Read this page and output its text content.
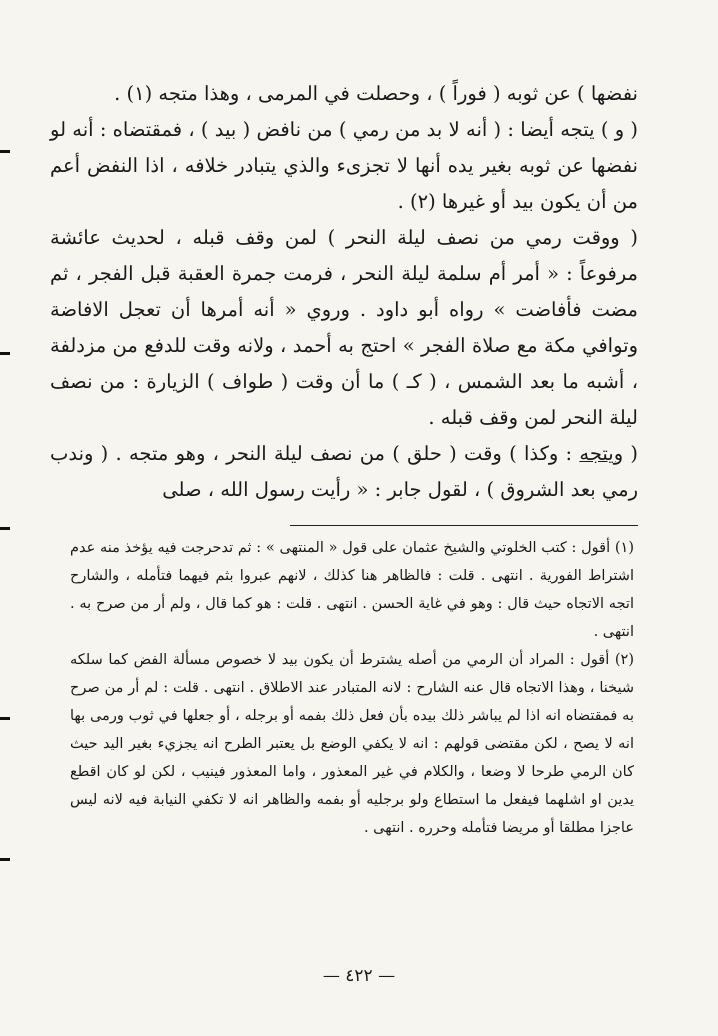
نفضها ) عن ثوبه ( فوراً ) ، وحصلت في المرمى ، وهذا متجه (١) .

( و ) يتجه أيضا : ( أنه لا بد من رمي ) من نافض ( بيد ) ، فمقتضاه : أنه لو نفضها عن ثوبه بغير يده أنها لا تجزىء والذي يتبادر خلافه ، اذا النفض أعم من أن يكون بيد أو غيرها (٢) .

( ووقت رمي من نصف ليلة النحر ) لمن وقف قبله ، لحديث عائشة مرفوعاً : « أمر أم سلمة ليلة النحر ، فرمت جمرة العقبة قبل الفجر ، ثم مضت فأفاضت » رواه أبو داود . وروي « أنه أمرها أن تعجل الافاضة وتوافي مكة مع صلاة الفجر » احتج به أحمد ، ولانه وقت للدفع من مزدلفة ، أشبه ما بعد الشمس ، ( كـ ) ما أن وقت ( طواف ) الزيارة : من نصف ليلة النحر لمن وقف قبله .

( ويتجه : وكذا ) وقت ( حلق ) من نصف ليلة النحر ، وهو متجه . ( وندب رمي بعد الشروق ) ، لقول جابر : « رأيت رسول الله ، صلى

(١) أقول : كتب الخلوتي والشيخ عثمان على قول « المنتهى » : ثم تدحرجت فيه يؤخذ منه عدم اشتراط الفورية . انتهى . قلت : فالظاهر هنا كذلك ، لانهم عبروا بثم فيهما فتأمله ، والشارح اتجه الاتجاه حيث قال : وهو في غاية الحسن . انتهى . قلت : هو كما قال ، ولم أر من صرح به . انتهى .

(٢) أقول : المراد أن الرمي من أصله يشترط أن يكون بيد لا خصوص مسألة الفض كما سلكه شيخنا ، وهذا الاتجاه قال عنه الشارح : لانه المتبادر عند الاطلاق . انتهى . قلت : لم أر من صرح به فمقتضاه انه اذا لم يباشر ذلك بيده بأن فعل ذلك بفمه أو برجله ، أو جعلها في ثوب ورمى بها انه لا يصح ، لكن مقتضى قولهم : انه لا يكفي الوضع بل يعتبر الطرح انه يجزيء بغير اليد حيث كان الرمي طرحا لا وضعا ، والكلام في غير المعذور ، واما المعذور فينيب ، لكن لو كان اقطع يدين او اشلهما فيفعل ما استطاع ولو برجليه أو بفمه والظاهر انه لا تكفي النيابة فيه لانه ليس عاجزا مطلقا أو مريضا فتأمله وحرره . انتهى .

— ٤٢٢ —
